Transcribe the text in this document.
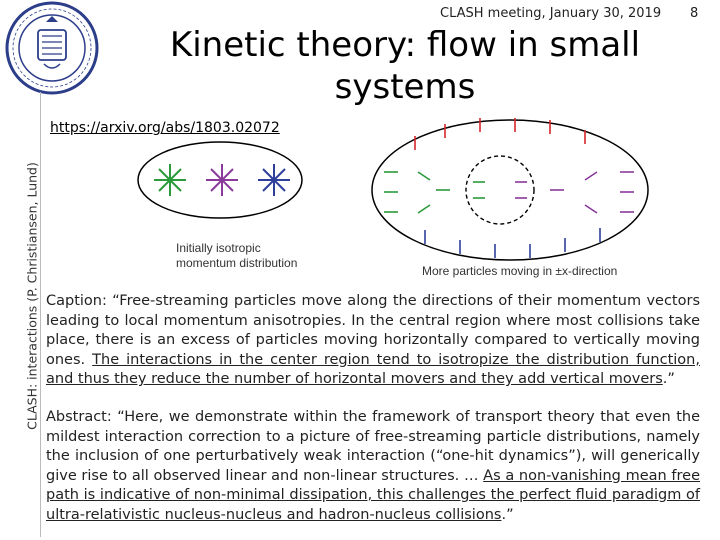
CLASH meeting, January 30, 2019 8
Kinetic theory: flow in small
systems
CLASH: interactions (P. Christiansen, Lund)
https://arxiv.org/abs/1803.02072
Initially isotropic
momentum distribution
More particles moving in ±x-direction
Caption: “Free-streaming particles move along the directions of their momentum vectors leading to local momentum anisotropies. In the central region where most collisions take place, there is an excess of particles moving horizontally compared to vertically moving ones. The interactions in the center region tend to isotropize the distribution function, and thus they reduce the number of horizontal movers and they add vertical movers.”
Abstract: “Here, we demonstrate within the framework of transport theory that even the mildest interaction correction to a picture of free-streaming particle distributions, namely the inclusion of one perturbatively weak interaction (“one-hit dynamics”), will generically give rise to all observed linear and non-linear structures. … As a non-vanishing mean free path is indicative of non-minimal dissipation, this challenges the perfect fluid paradigm of ultra-relativistic nucleus-nucleus and hadron-nucleus collisions.”
